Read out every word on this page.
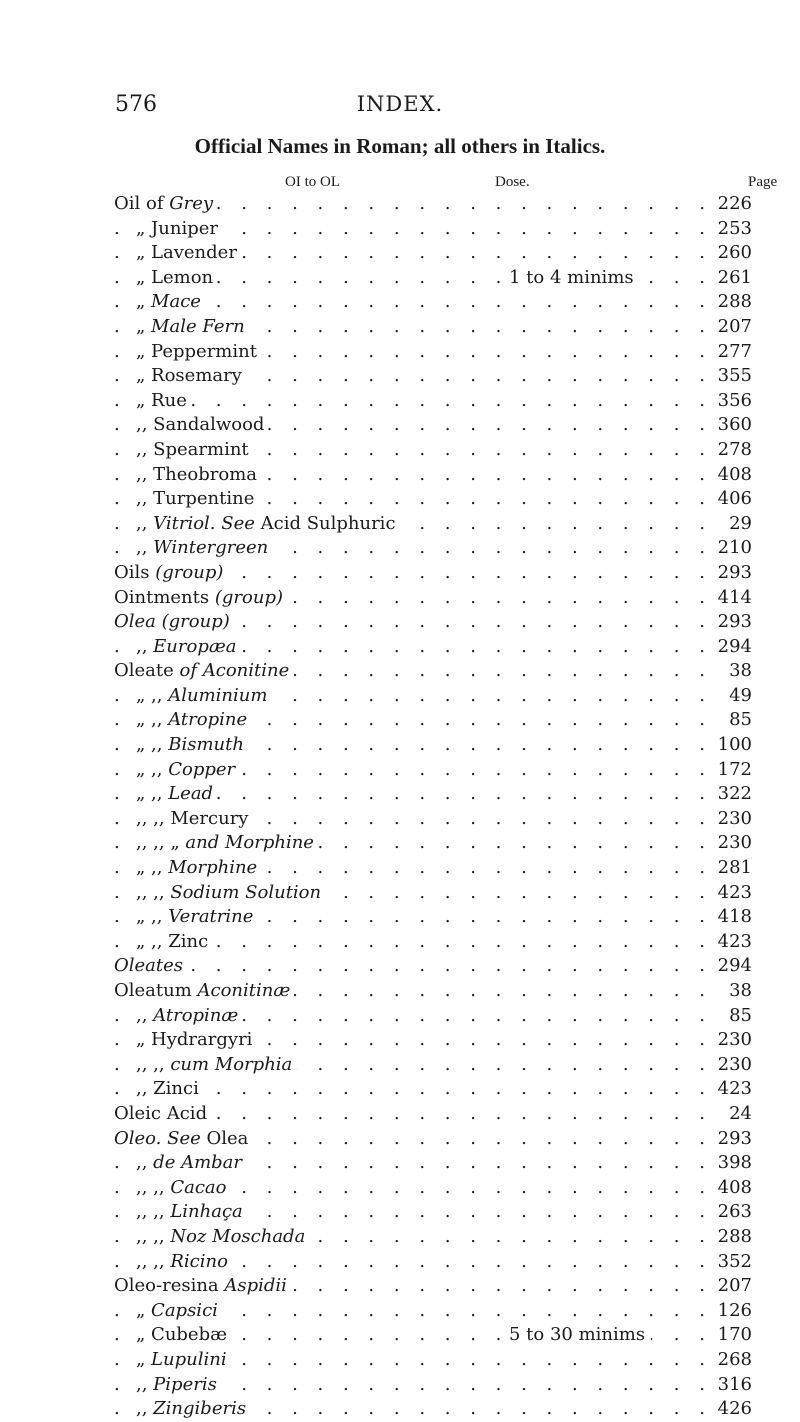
576	INDEX.
Official Names in Roman; all others in Italics.
OI to OL	Dose.	Page
. . .
Oil of Grey	226
. . .
„ Juniper	253
. . .
„ Lavender	260
. . .
„ Lemon	1 to 4 minims	261
. . .
„ Mace	288
. . .
„ Male Fern	207
. . .
„ Peppermint	277
. . .
„ Rosemary	355
. . .
„ Rue	356
. . .
,, Sandalwood	360
. . .
,, Spearmint	278
. . .
,, Theobroma	408
. . .
,, Turpentine	406
. . .
,, Vitriol. See Acid Sulphuric	29
. . .
,, Wintergreen	210
. . .
Oils (group)	293
. . .
Ointments (group)	414
. . .
Olea (group)	293
. . .
,, Europæa	294
. . .
Oleate of Aconitine	38
. . .
„ ,, Aluminium	49
. . .
„ ,, Atropine	85
. . .
„ ,, Bismuth	100
. . .
„ ,, Copper	172
. . .
„ ,, Lead	322
. . .
,, ,, Mercury	230
. . .
,, ,, „ and Morphine	230
. . .
„ ,, Morphine	281
. . .
,, ,, Sodium Solution	423
. . .
„ ,, Veratrine	418
. . .
„ ,, Zinc	423
. . .
Oleates	294
. . .
Oleatum Aconitinæ	38
. . .
,, Atropinæ	85
. . .
„ Hydrargyri	230
. . .
,, ,, cum Morphia	230
. . .
,, Zinci	423
. . .
Oleic Acid	24
. . .
Oleo. See Olea	293
. . .
,, de Ambar	398
. . .
,, ,, Cacao	408
. . .
,, ,, Linhaça	263
. . .
,, ,, Noz Moschada	288
. . .
,, ,, Ricino	352
. . .
Oleo-resina Aspidii	207
. . .
„ Capsici	126
. . .
„ Cubebæ	5 to 30 minims	170
. . .
„ Lupulini	268
. . .
,, Piperis	316
. . .
,, Zingiberis	426
